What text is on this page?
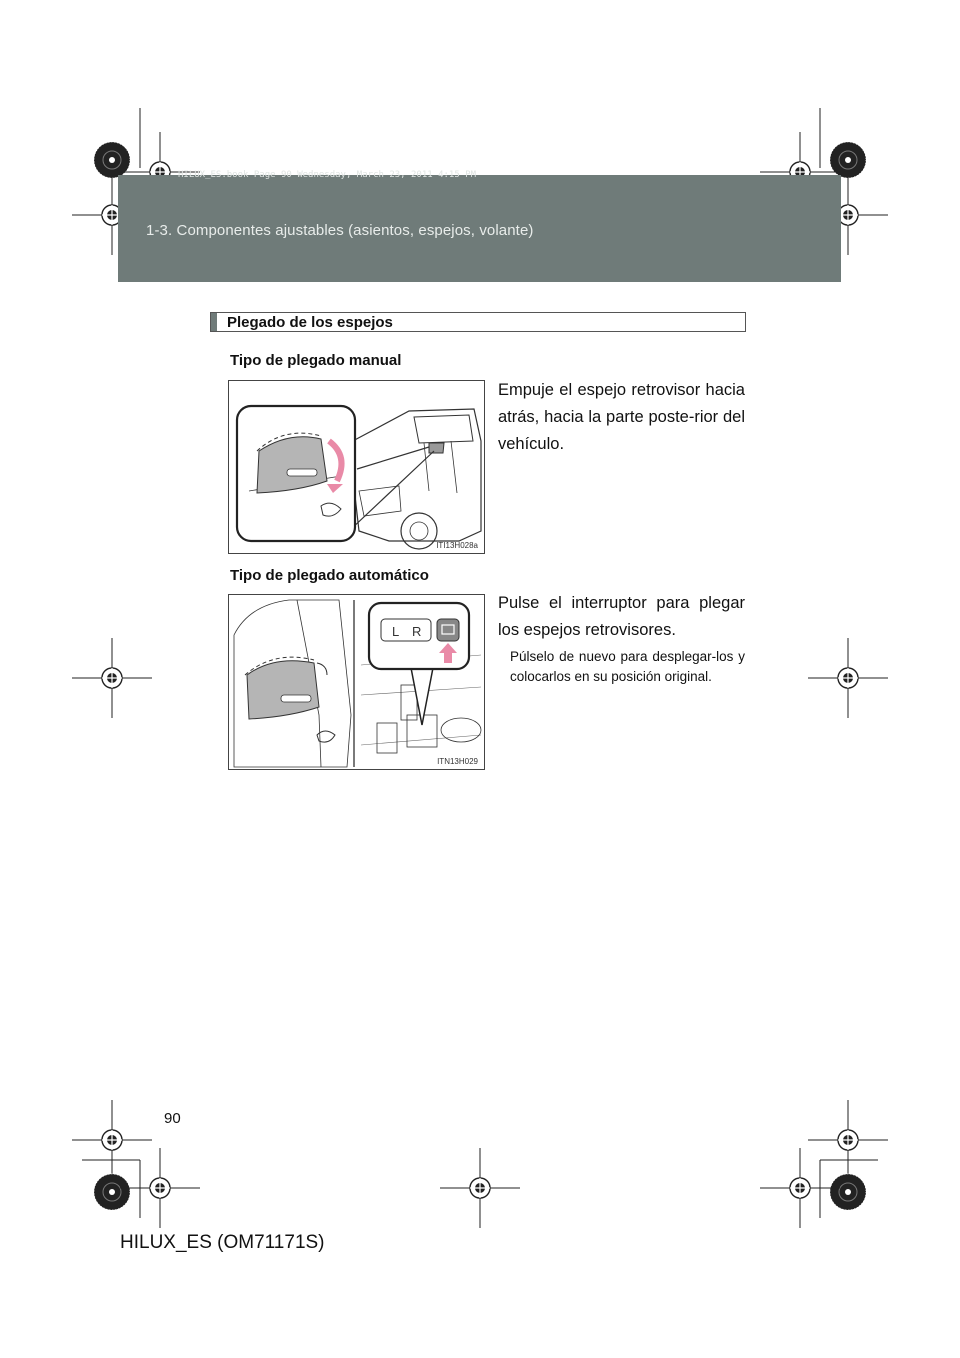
1-3. Componentes ajustables (asientos, espejos, volante)
HILUX_ES.book Page 90 Wednesday, March 23, 2011 4:15 PM
Plegado de los espejos
Tipo de plegado manual
ITI13H028a
Empuje el espejo retrovisor hacia atrás, hacia la parte poste-rior del vehículo.
Tipo de plegado automático
L R
ITN13H029
Pulse el interruptor para plegar los espejos retrovisores.
Púlselo de nuevo para desplegar-los y colocarlos en su posición original.
90
HILUX_ES (OM71171S)
